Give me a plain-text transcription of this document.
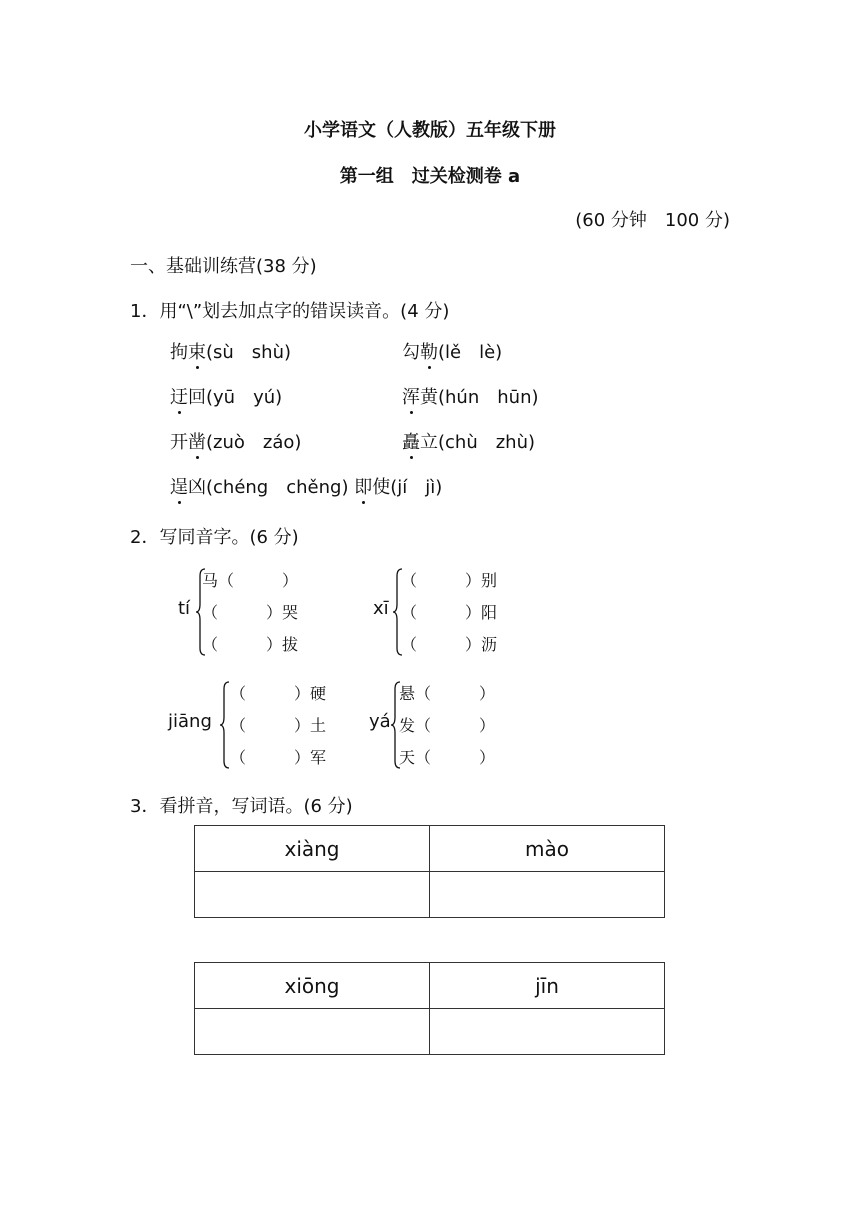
小学语文（人教版）五年级下册
第一组　过关检测卷 a
(60 分钟　100 分)
一、基础训练营(38 分)
1．用“\”划去加点字的错误读音。(4 分)
拘束(sù　shù)	勾勒(lě　lè)
迂回(yū　yú)	浑黄(hún　hūn)
开凿(zuò　záo)	矗立(chù　zhù)
逞凶(chéng　chěng) 即使(jí　jì)
2．写同音字。(6 分)
tí
马（　　　）
（　　　）哭
（　　　）拔
xī
（　　　）别
（　　　）阳
（　　　）沥
jiāng
（　　　）硬
（　　　）土
（　　　）军
yá
悬（　　　）
发（　　　）
天（　　　）
3．看拼音，写词语。(6 分)
xiàng	mào

xiōng	jīn
